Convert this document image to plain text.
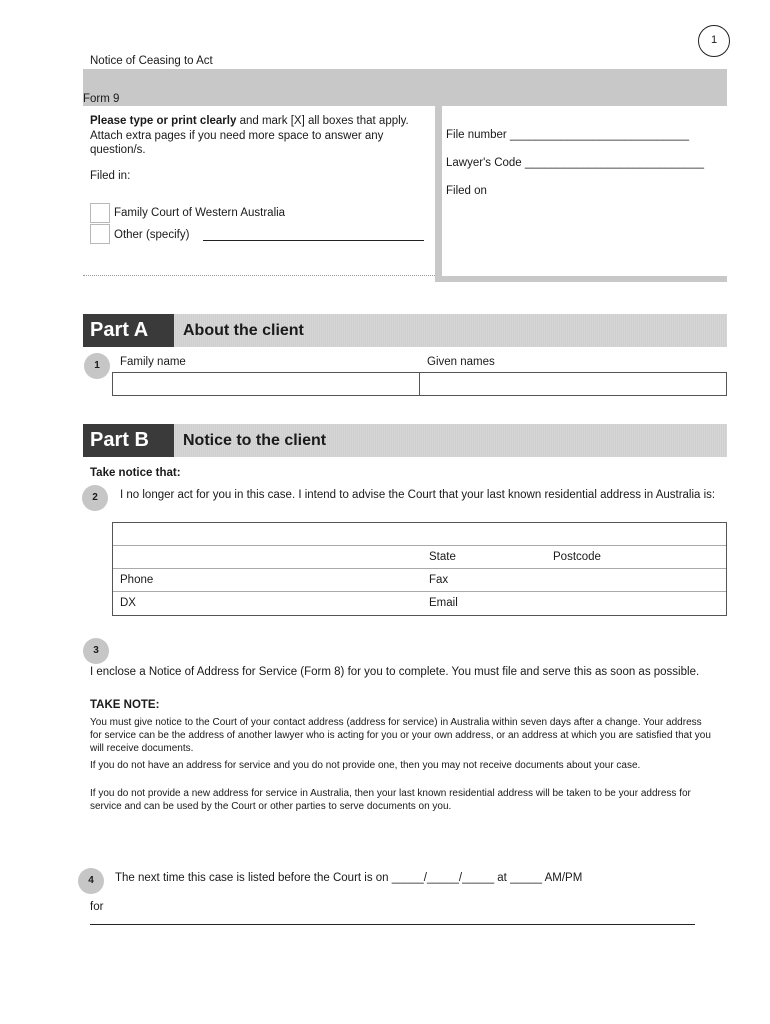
1
Notice of Ceasing to Act
Form 9
Please type or print clearly and mark [X] all boxes that apply. Attach extra pages if you need more space to answer any question/s.
Filed in:
Family Court of Western Australia
Other (specify)
File number ____________________________
Lawyer's Code ____________________________
Filed on
Part A	About the client
1	Family name	Given names
Part B	Notice to the client
Take notice that:
2	I no longer act for you in this case. I intend to advise the Court that your last known residential address in Australia is:
State	Postcode
Phone	Fax
DX	Email
3
I enclose a Notice of Address for Service (Form 8) for you to complete. You must file and serve this as soon as possible.
TAKE NOTE:
You must give notice to the Court of your contact address (address for service) in Australia within seven days after a change. Your address for service can be the address of another lawyer who is acting for you or your own address, or an address at which you are satisfied that you will receive documents.
If you do not have an address for service and you do not provide one, then you may not receive documents about your case.
If you do not provide a new address for service in Australia, then your last known residential address will be taken to be your address for service and can be used by the Court or other parties to serve documents on you.
4	The next time this case is listed before the Court is on _____/_____/_____ at _____ AM/PM
for
